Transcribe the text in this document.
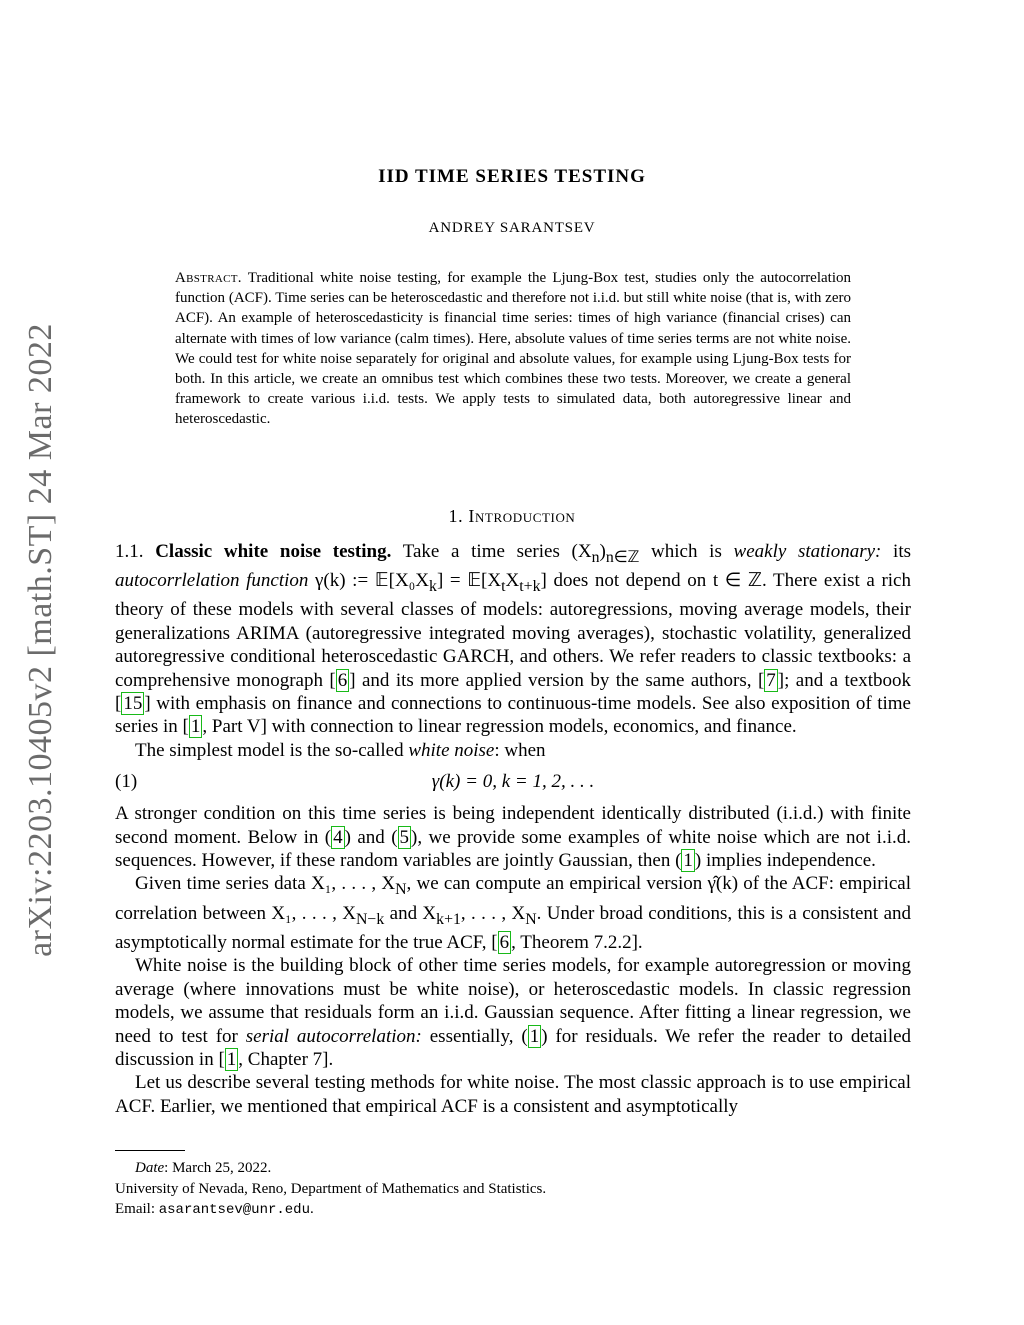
arXiv:2203.10405v2 [math.ST] 24 Mar 2022
IID TIME SERIES TESTING
ANDREY SARANTSEV
Abstract. Traditional white noise testing, for example the Ljung-Box test, studies only the autocorrelation function (ACF). Time series can be heteroscedastic and therefore not i.i.d. but still white noise (that is, with zero ACF). An example of heteroscedasticity is financial time series: times of high variance (financial crises) can alternate with times of low variance (calm times). Here, absolute values of time series terms are not white noise. We could test for white noise separately for original and absolute values, for example using Ljung-Box tests for both. In this article, we create an omnibus test which combines these two tests. Moreover, we create a general framework to create various i.i.d. tests. We apply tests to simulated data, both autoregressive linear and heteroscedastic.
1. Introduction

1.1. Classic white noise testing. Take a time series $(X_n)_{n\in ℤ}$ which is weakly stationary: its autocorrlelation function γ(k) := $𝔼[X_0X_k]$ = $𝔼[X_tX_{t+k}]$ does not depend on t ∈ ℤ. There exist a rich theory of these models with several classes of models: autoregressions, moving average models, their generalizations ARIMA (autoregressive integrated moving averages), stochastic volatility, generalized autoregressive conditional heteroscedastic GARCH, and others. We refer readers to classic textbooks: a comprehensive monograph [ 6 ] and its more applied version by the same authors, [ 7 ]; and a textbook [ 15 ] with emphasis on finance and connections to continuous-time models. See also exposition of time series in [ 1 , Part V] with connection to linear regression models, economics, and finance.

The simplest model is the so-called white noise: when

(1)	γ(k) = 0, k = 1, 2, . . .

A stronger condition on this time series is being independent identically distributed (i.i.d.) with finite second moment. Below in ( 4 ) and ( 5 ), we provide some examples of white noise which are not i.i.d. sequences. However, if these random variables are jointly Gaussian, then ( 1 ) implies independence.

Given time series data X₁, . . . , $X_N$, we can compute an empirical version γ̂(k) of the ACF: empirical correlation between X₁, . . . , $X_{N-k}$ and $X_{k+1}$, . . . , $X_N$. Under broad conditions, this is a consistent and asymptotically normal estimate for the true ACF, [ 6 , Theorem 7.2.2].

White noise is the building block of other time series models, for example autoregression or moving average (where innovations must be white noise), or heteroscedastic models. In classic regression models, we assume that residuals form an i.i.d. Gaussian sequence. After fitting a linear regression, we need to test for serial autocorrelation: essentially, ( 1 ) for residuals. We refer the reader to detailed discussion in [ 1 , Chapter 7].

Let us describe several testing methods for white noise. The most classic approach is to use empirical ACF. Earlier, we mentioned that empirical ACF is a consistent and asymptotically

Date: March 25, 2022.
University of Nevada, Reno, Department of Mathematics and Statistics.
Email: asarantsev@unr.edu.
